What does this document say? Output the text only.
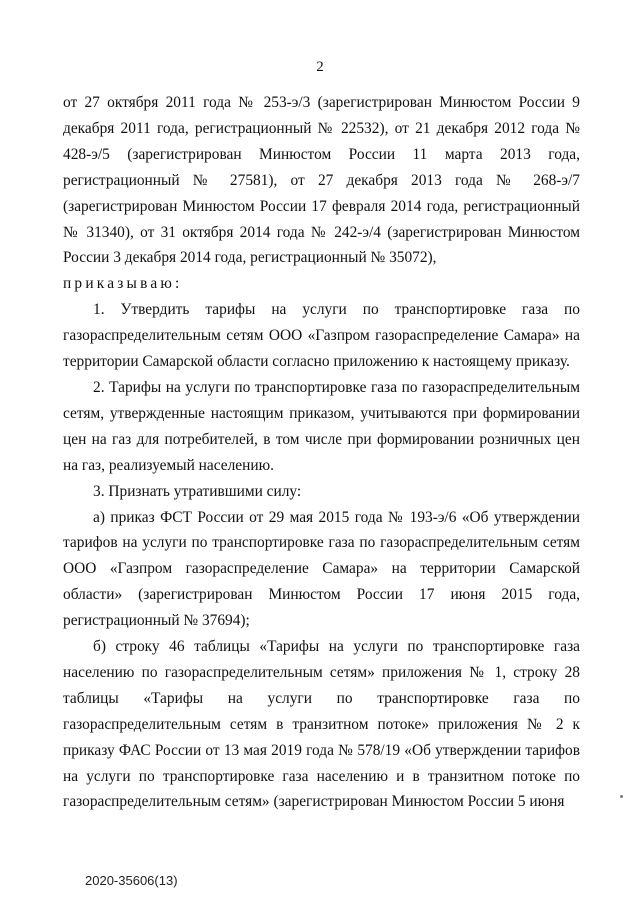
2

от 27 октября 2011 года № 253-э/3 (зарегистрирован Минюстом России 9 декабря 2011 года, регистрационный № 22532), от 21 декабря 2012 года № 428-э/5 (зарегистрирован Минюстом России 11 марта 2013 года, регистрационный № 27581), от 27 декабря 2013 года № 268-э/7 (зарегистрирован Минюстом России 17 февраля 2014 года, регистрационный № 31340), от 31 октября 2014 года № 242-э/4 (зарегистрирован Минюстом России 3 декабря 2014 года, регистрационный № 35072),

приказываю:

1. Утвердить тарифы на услуги по транспортировке газа по газораспределительным сетям ООО «Газпром газораспределение Самара» на территории Самарской области согласно приложению к настоящему приказу.

2. Тарифы на услуги по транспортировке газа по газораспределительным сетям, утвержденные настоящим приказом, учитываются при формировании цен на газ для потребителей, в том числе при формировании розничных цен на газ, реализуемый населению.

3. Признать утратившими силу:

а) приказ ФСТ России от 29 мая 2015 года № 193-э/6 «Об утверждении тарифов на услуги по транспортировке газа по газораспределительным сетям ООО «Газпром газораспределение Самара» на территории Самарской области» (зарегистрирован Минюстом России 17 июня 2015 года, регистрационный № 37694);

б) строку 46 таблицы «Тарифы на услуги по транспортировке газа населению по газораспределительным сетям» приложения № 1, строку 28 таблицы «Тарифы на услуги по транспортировке газа по газораспределительным сетям в транзитном потоке» приложения № 2 к приказу ФАС России от 13 мая 2019 года № 578/19 «Об утверждении тарифов на услуги по транспортировке газа населению и в транзитном потоке по газораспределительным сетям» (зарегистрирован Минюстом России 5 июня

2020-35606(13)
